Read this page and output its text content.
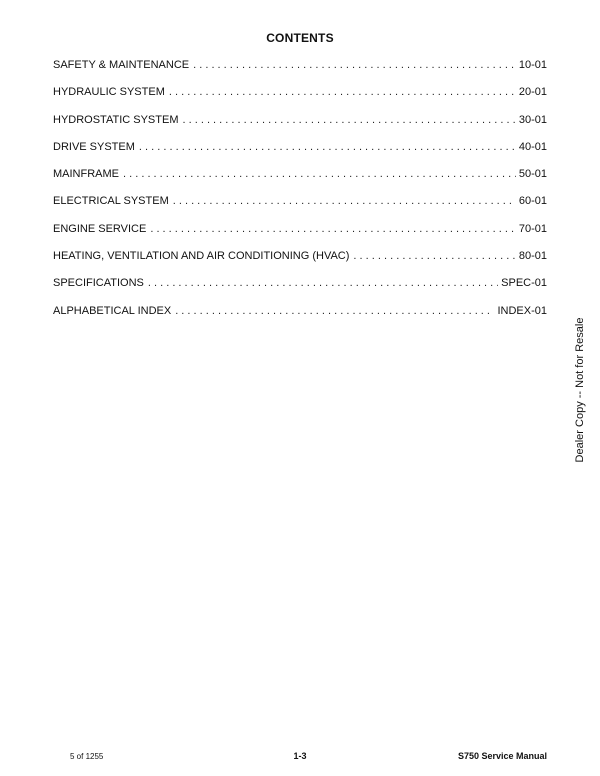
CONTENTS
SAFETY & MAINTENANCE . . .	10-01
HYDRAULIC SYSTEM . . .	20-01
HYDROSTATIC SYSTEM . . .	30-01
DRIVE SYSTEM . . .	40-01
MAINFRAME . . .	50-01
ELECTRICAL SYSTEM . . .	60-01
ENGINE SERVICE . . .	70-01
HEATING, VENTILATION AND AIR CONDITIONING (HVAC) . . .	80-01
SPECIFICATIONS . . .	SPEC-01
ALPHABETICAL INDEX . . .	INDEX-01
Dealer Copy -- Not for Resale
5 of 1255	1-3	S750 Service Manual
